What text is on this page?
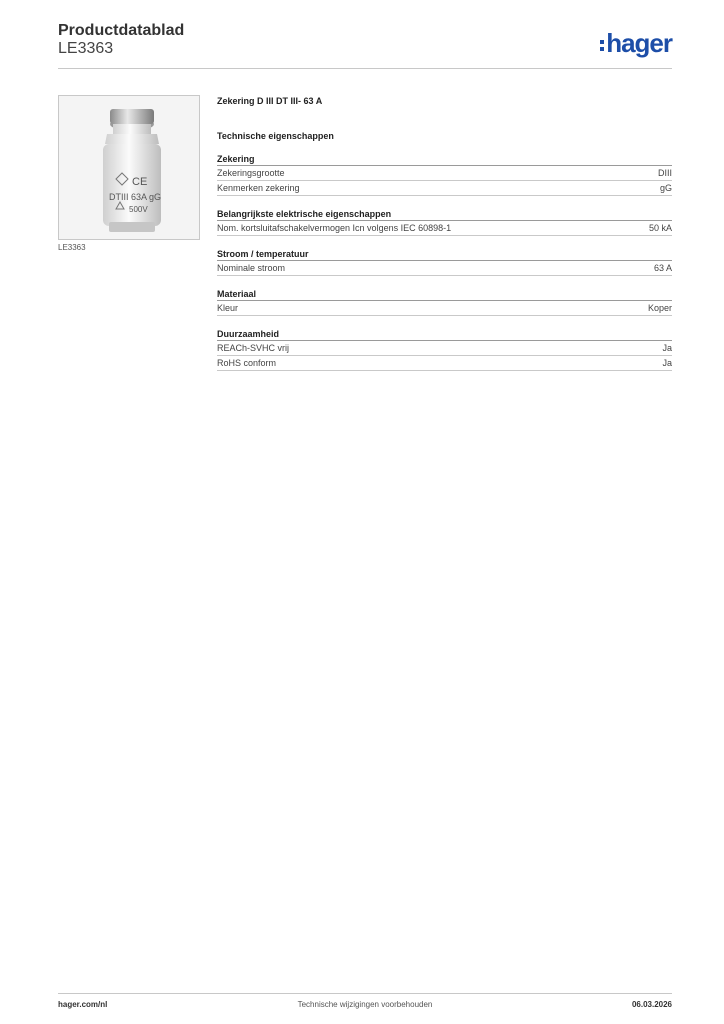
Productdatablad
LE3363	hager
CE
DTIII 63A gG
500V
LE3363
Zekering D III DT III- 63 A
Technische eigenschappen
Zekering
Zekeringsgrootte	DIII
Kenmerken zekering	gG
Belangrijkste elektrische eigenschappen
Nom. kortsluitafschakelvermogen Icn volgens IEC 60898-1	50 kA
Stroom / temperatuur
Nominale stroom	63 A
Materiaal
Kleur	Koper
Duurzaamheid
REACh-SVHC vrij	Ja
RoHS conform	Ja
hager.com/nl	Technische wijzigingen voorbehouden	06.03.2026
